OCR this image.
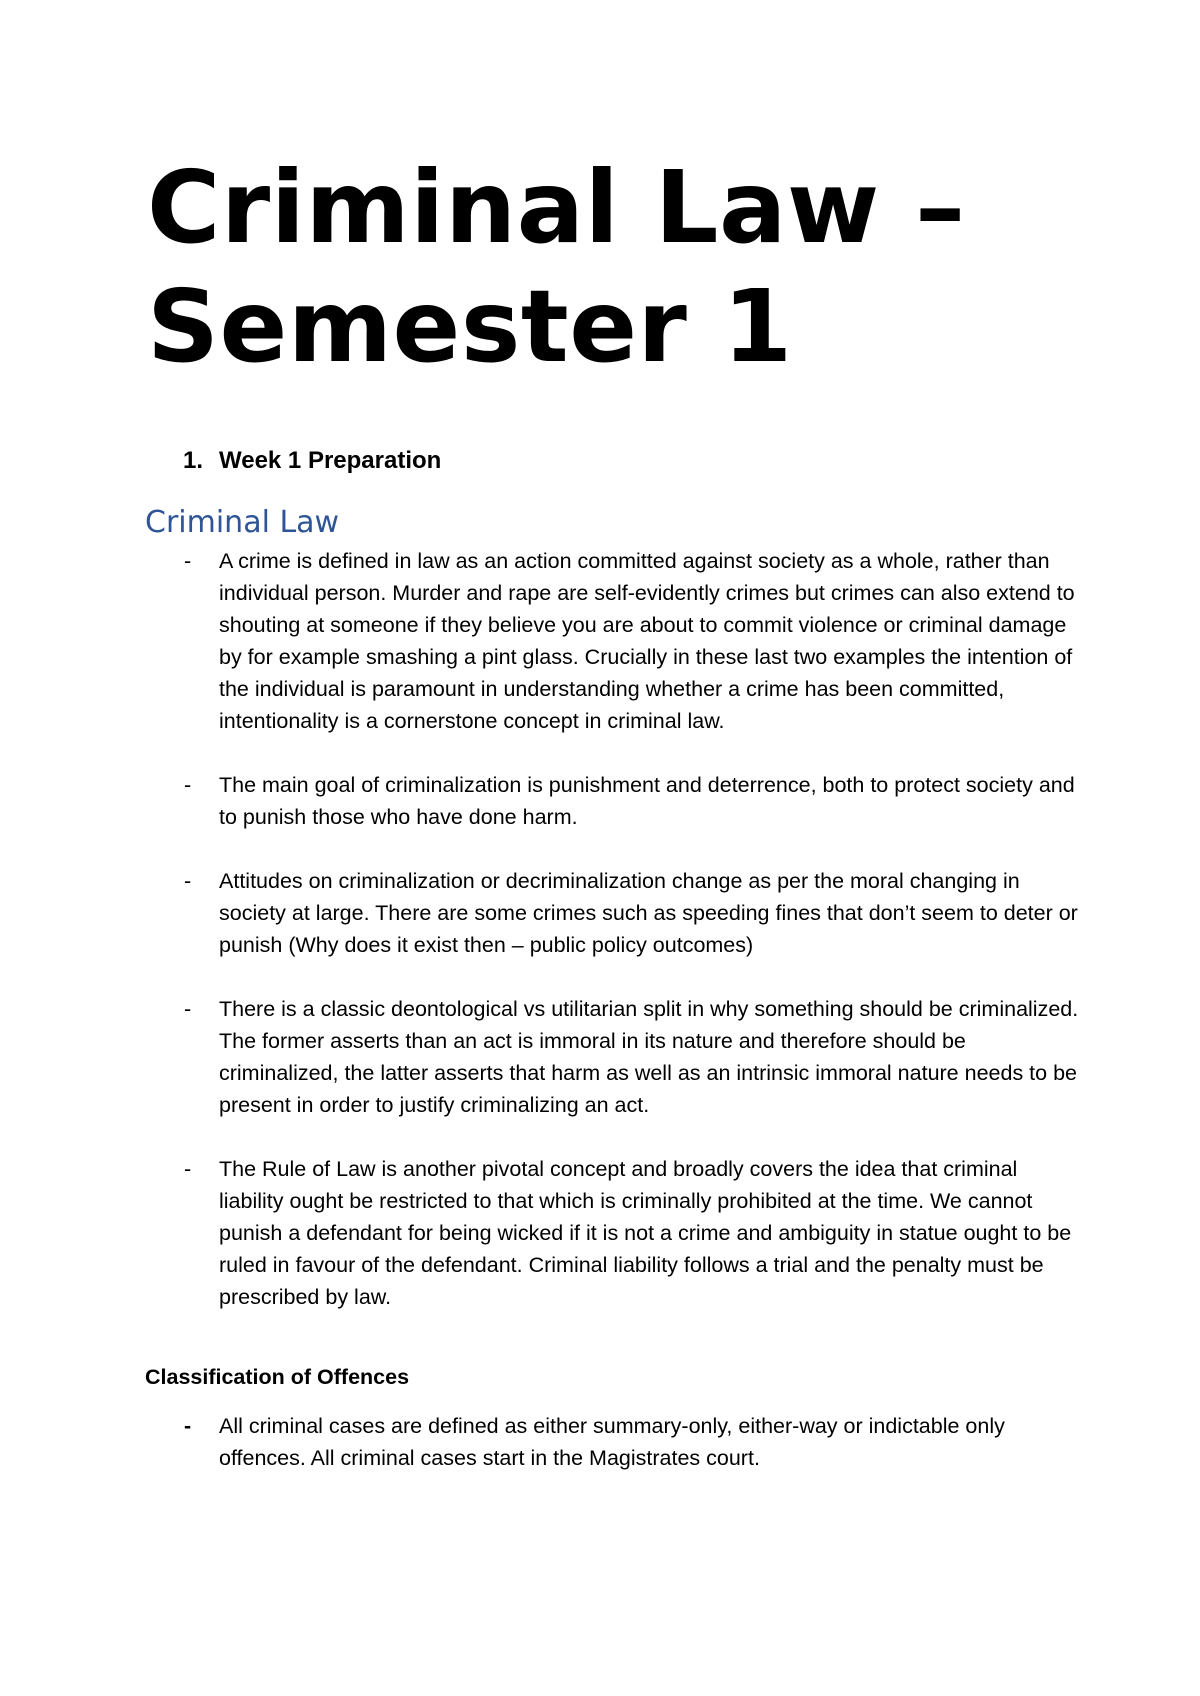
Criminal Law – Semester 1
1. Week 1 Preparation
Criminal Law

-	A crime is defined in law as an action committed against society as a whole, rather than individual person. Murder and rape are self-evidently crimes but crimes can also extend to shouting at someone if they believe you are about to commit violence or criminal damage by for example smashing a pint glass. Crucially in these last two examples the intention of the individual is paramount in understanding whether a crime has been committed, intentionality is a cornerstone concept in criminal law.

-	The main goal of criminalization is punishment and deterrence, both to protect society and to punish those who have done harm.

-	Attitudes on criminalization or decriminalization change as per the moral changing in society at large. There are some crimes such as speeding fines that don’t seem to deter or punish (Why does it exist then – public policy outcomes)

-	There is a classic deontological vs utilitarian split in why something should be criminalized. The former asserts than an act is immoral in its nature and therefore should be criminalized, the latter asserts that harm as well as an intrinsic immoral nature needs to be present in order to justify criminalizing an act.

-	The Rule of Law is another pivotal concept and broadly covers the idea that criminal liability ought be restricted to that which is criminally prohibited at the time. We cannot punish a defendant for being wicked if it is not a crime and ambiguity in statue ought to be ruled in favour of the defendant. Criminal liability follows a trial and the penalty must be prescribed by law.

Classification of Offences

-	All criminal cases are defined as either summary-only, either-way or indictable only offences. All criminal cases start in the Magistrates court.
